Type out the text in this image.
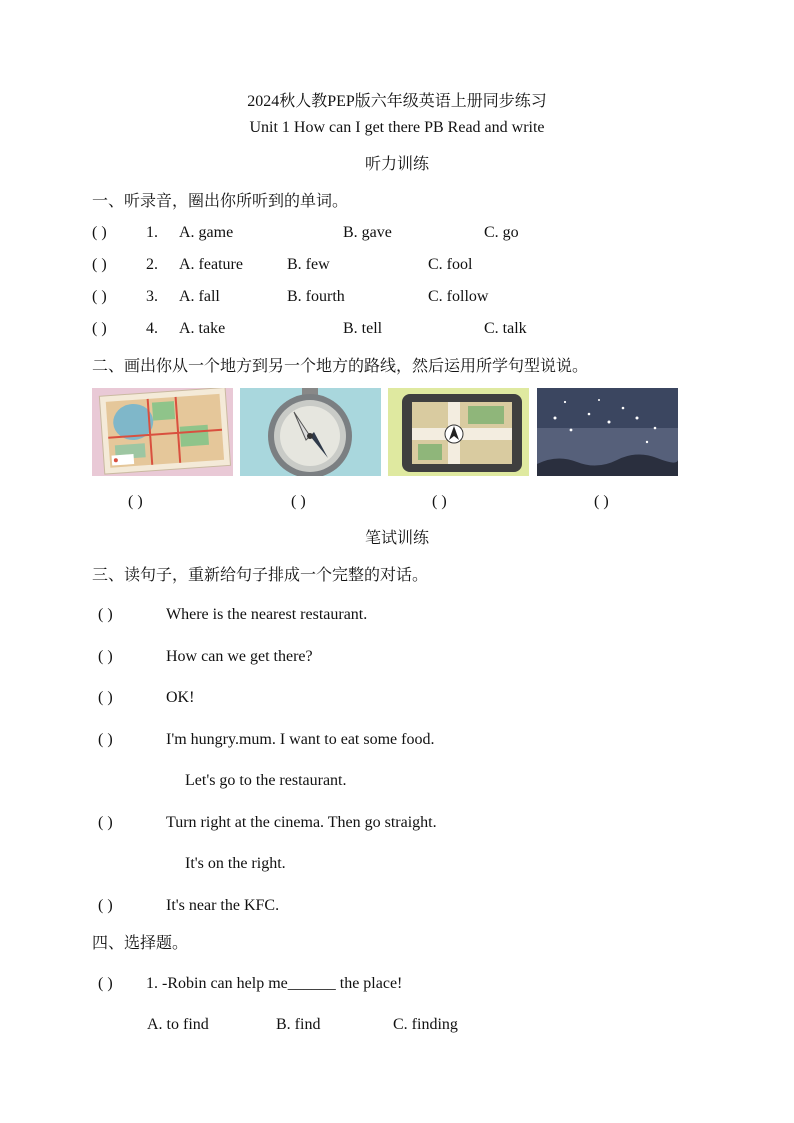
2024秋人教PEP版六年级英语上册同步练习
Unit 1 How can I get there PB Read and write
听力训练
一、听录音，圈出你所听到的单词。
( ) 1. A. game	B. gave	C. go
( ) 2. A. feature	B. few	C. fool
( ) 3. A. fall	B. fourth	C. follow
( ) 4. A. take	B. tell	C. talk
二、画出你从一个地方到另一个地方的路线，然后运用所学句型说说。
( )	( )	( )	( )
笔试训练
三、读句子，重新给句子排成一个完整的对话。
( )	Where is the nearest restaurant.
( )	How can we get there?
( )	OK!
( )	I'm hungry.mum. I want to eat some food.
Let's go to the restaurant.
( )	Turn right at the cinema. Then go straight.
It's on the right.
( )	It's near the KFC.
四、选择题。
( ) 1. -Robin can help me______ the place!
A. to find	B. find	C. finding
